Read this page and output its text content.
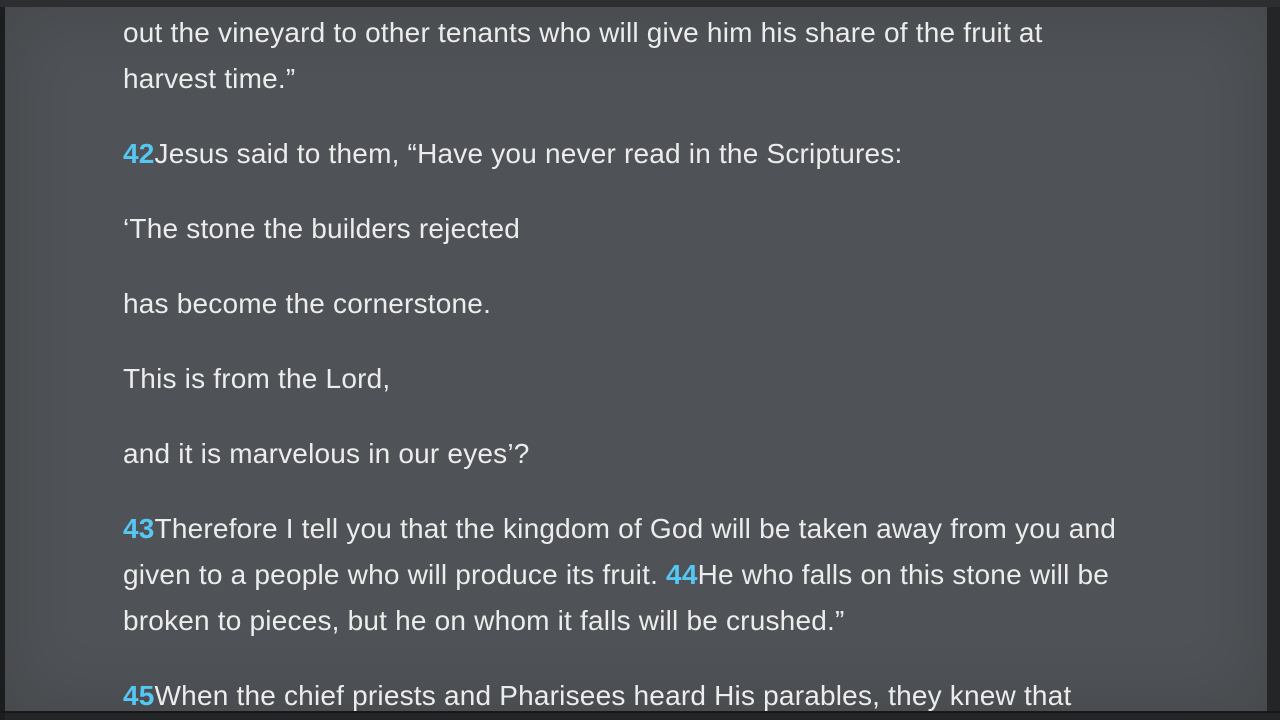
out the vineyard to other tenants who will give him his share of the fruit at
harvest time.”

42Jesus said to them, “Have you never read in the Scriptures:

‘The stone the builders rejected

has become the cornerstone.

This is from the Lord,

and it is marvelous in our eyes’?

43Therefore I tell you that the kingdom of God will be taken away from you and
given to a people who will produce its fruit. 44He who falls on this stone will be
broken to pieces, but he on whom it falls will be crushed.”

45When the chief priests and Pharisees heard His parables, they knew that
